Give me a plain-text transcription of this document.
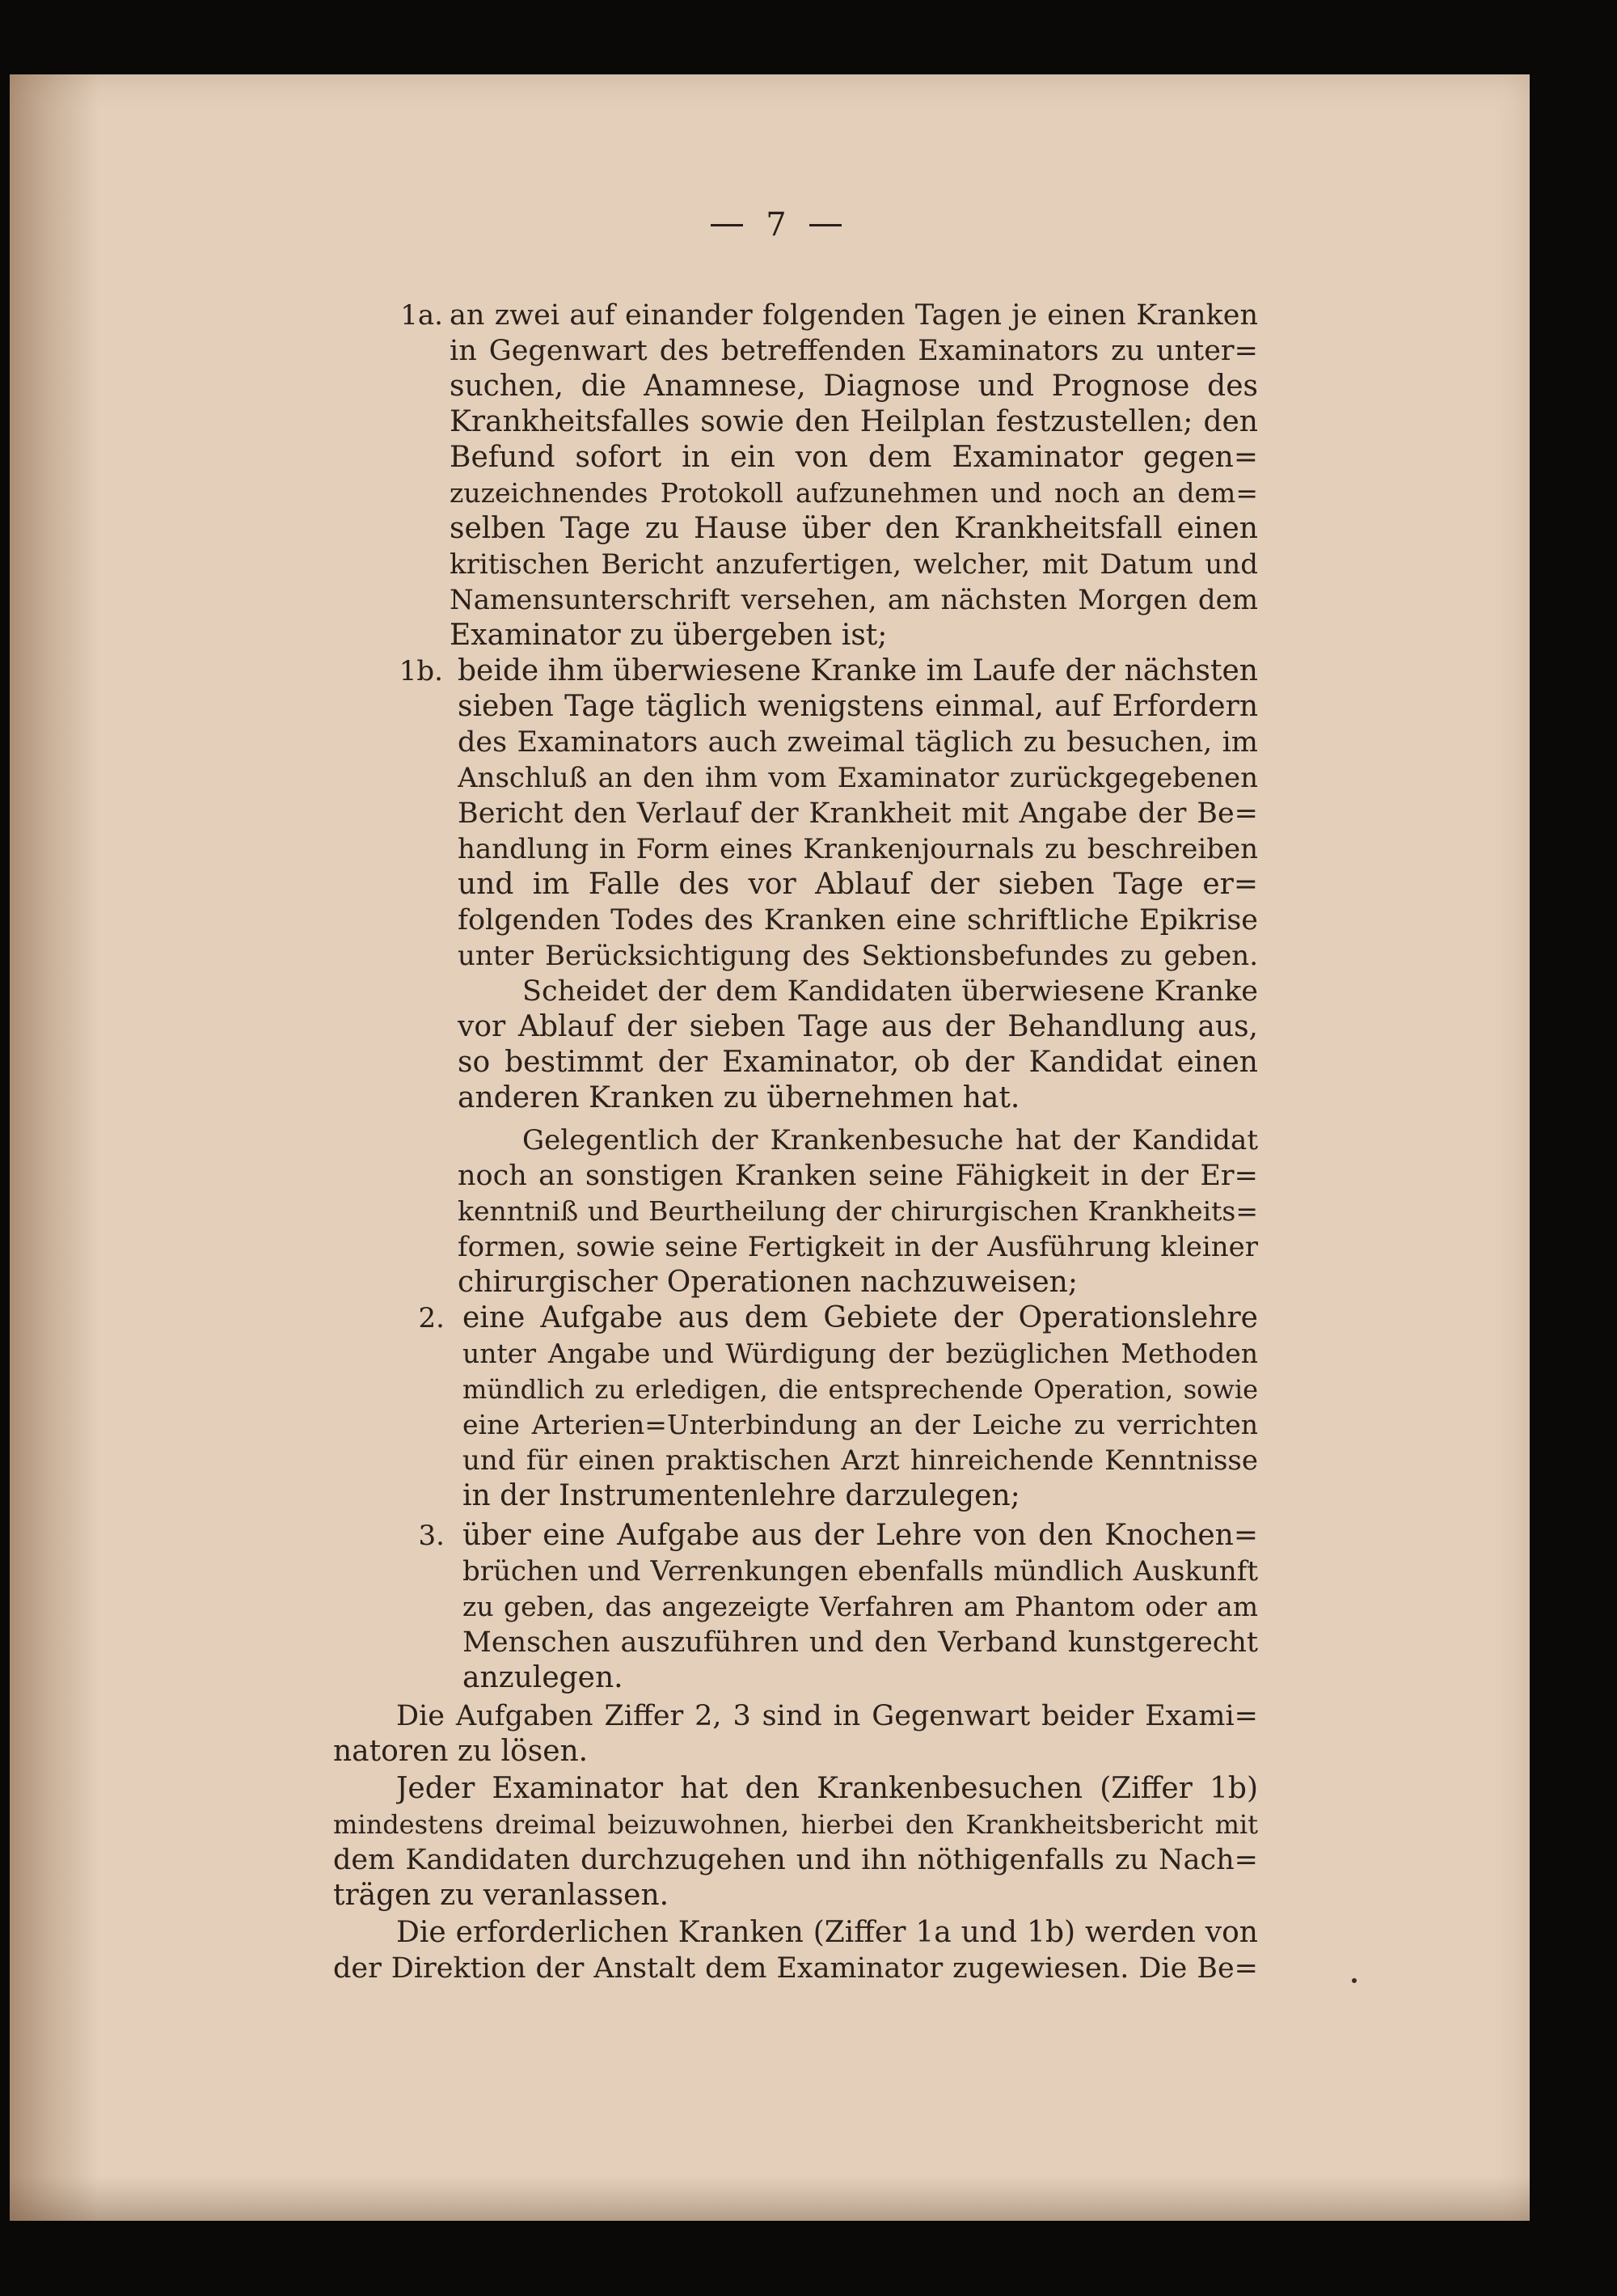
7
1a.
1b.
2.
3.
an zwei auf einander folgenden Tagen je einen Kranken
in Gegenwart des betreffenden Examinators zu unter=
suchen, die Anamnese, Diagnose und Prognose des
Krankheitsfalles sowie den Heilplan festzustellen; den
Befund sofort in ein von dem Examinator gegen=
zuzeichnendes Protokoll aufzunehmen und noch an dem=
selben Tage zu Hause über den Krankheitsfall einen
kritischen Bericht anzufertigen, welcher, mit Datum und
Namensunterschrift versehen, am nächsten Morgen dem
Examinator zu übergeben ist;
beide ihm überwiesene Kranke im Laufe der nächsten
sieben Tage täglich wenigstens einmal, auf Erfordern
des Examinators auch zweimal täglich zu besuchen, im
Anschluß an den ihm vom Examinator zurückgegebenen
Bericht den Verlauf der Krankheit mit Angabe der Be=
handlung in Form eines Krankenjournals zu beschreiben
und im Falle des vor Ablauf der sieben Tage er=
folgenden Todes des Kranken eine schriftliche Epikrise
unter Berücksichtigung des Sektionsbefundes zu geben.
Scheidet der dem Kandidaten überwiesene Kranke
vor Ablauf der sieben Tage aus der Behandlung aus,
so bestimmt der Examinator, ob der Kandidat einen
anderen Kranken zu übernehmen hat.
Gelegentlich der Krankenbesuche hat der Kandidat
noch an sonstigen Kranken seine Fähigkeit in der Er=
kenntniß und Beurtheilung der chirurgischen Krankheits=
formen, sowie seine Fertigkeit in der Ausführung kleiner
chirurgischer Operationen nachzuweisen;
eine Aufgabe aus dem Gebiete der Operationslehre
unter Angabe und Würdigung der bezüglichen Methoden
mündlich zu erledigen, die entsprechende Operation, sowie
eine Arterien=Unterbindung an der Leiche zu verrichten
und für einen praktischen Arzt hinreichende Kenntnisse
in der Instrumentenlehre darzulegen;
über eine Aufgabe aus der Lehre von den Knochen=
brüchen und Verrenkungen ebenfalls mündlich Auskunft
zu geben, das angezeigte Verfahren am Phantom oder am
Menschen auszuführen und den Verband kunstgerecht
anzulegen.
Die Aufgaben Ziffer 2, 3 sind in Gegenwart beider Exami=
natoren zu lösen.
Jeder Examinator hat den Krankenbesuchen (Ziffer 1b)
mindestens dreimal beizuwohnen, hierbei den Krankheitsbericht mit
dem Kandidaten durchzugehen und ihn nöthigenfalls zu Nach=
trägen zu veranlassen.
Die erforderlichen Kranken (Ziffer 1a und 1b) werden von
der Direktion der Anstalt dem Examinator zugewiesen. Die Be=
